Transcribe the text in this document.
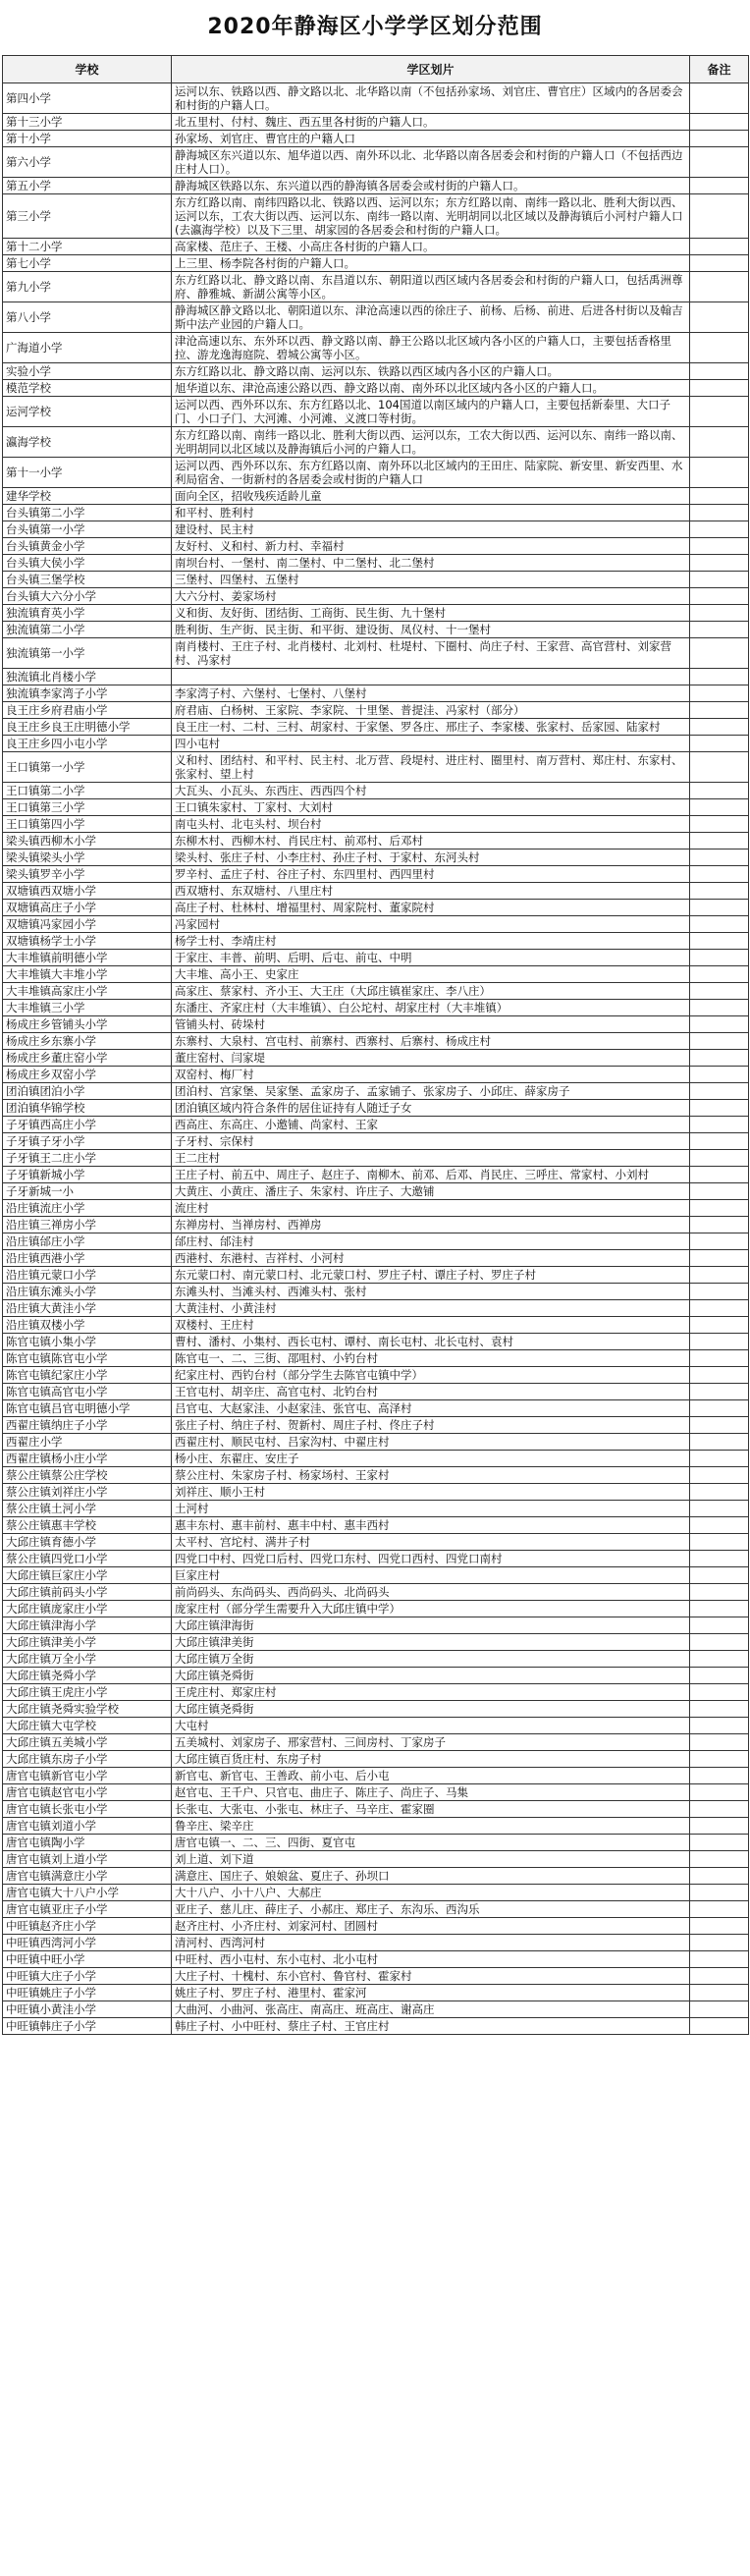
2020年静海区小学学区划分范围
学校	学区划片	备注
第四小学	运河以东、铁路以西、静文路以北、北华路以南（不包括孙家场、刘官庄、曹官庄）区域内的各居委会和村街的户籍人口。	
第十三小学	北五里村、付村、魏庄、西五里各村街的户籍人口。	
第十小学	孙家场、刘官庄、曹官庄的户籍人口	
第六小学	静海城区东兴道以东、旭华道以西、南外环以北、北华路以南各居委会和村街的户籍人口（不包括西边庄村人口）。	
第五小学	静海城区铁路以东、东兴道以西的静海镇各居委会或村街的户籍人口。	
第三小学	东方红路以南、南纬四路以北、铁路以西、运河以东；东方红路以南、南纬一路以北、胜利大街以西、运河以东，工农大街以西、运河以东、南纬一路以南、光明胡同以北区域以及静海镇后小河村户籍人口(去瀛海学校）以及下三里、胡家园的各居委会和村街的户籍人口。	
第十二小学	高家楼、范庄子、王楼、小高庄各村街的户籍人口。	
第七小学	上三里、杨李院各村街的户籍人口。	
第九小学	东方红路以北、静文路以南、东昌道以东、朝阳道以西区域内各居委会和村街的户籍人口，包括禹洲尊府、静雅城、新湖公寓等小区。	
第八小学	静海城区静文路以北、朝阳道以东、津沧高速以西的徐庄子、前杨、后杨、前进、后进各村街以及翰吉斯中法产业园的户籍人口。	
广海道小学	津沧高速以东、东外环以西、静文路以南、静王公路以北区域内各小区的户籍人口，主要包括香格里拉、游龙逸海庭院、碧城公寓等小区。	
实验小学	东方红路以北、静文路以南、运河以东、铁路以西区域内各小区的户籍人口。	
模范学校	旭华道以东、津沧高速公路以西、静文路以南、南外环以北区域内各小区的户籍人口。	
运河学校	运河以西、西外环以东、东方红路以北、104国道以南区域内的户籍人口，主要包括新泰里、大口子门、小口子门、大河滩、小河滩、义渡口等村街。	
瀛海学校	东方红路以南、南纬一路以北、胜利大街以西、运河以东，工农大街以西、运河以东、南纬一路以南、光明胡同以北区域以及静海镇后小河的户籍人口。	
第十一小学	运河以西、西外环以东、东方红路以南、南外环以北区域内的王田庄、陆家院、新安里、新安西里、水利局宿舍、一街新村的各居委会或村街的户籍人口	
建华学校	面向全区，招收残疾适龄儿童	
台头镇第二小学	和平村、胜利村	
台头镇第一小学	建设村、民主村	
台头镇黄金小学	友好村、义和村、新力村、幸福村	
台头镇大侯小学	南坝台村、一堡村、南二堡村、中二堡村、北二堡村	
台头镇三堡学校	三堡村、四堡村、五堡村	
台头镇大六分小学	大六分村、姜家场村	
独流镇育英小学	义和街、友好街、团结街、工商街、民生街、九十堡村	
独流镇第二小学	胜利街、生产街、民主街、和平街、建设街、凤仪村、十一堡村	
独流镇第一小学	南肖楼村、王庄子村、北肖楼村、北刘村、杜堤村、下圈村、尚庄子村、王家营、高官营村、刘家营村、冯家村	
独流镇北肖楼小学		
独流镇李家湾子小学	李家湾子村、六堡村、七堡村、八堡村	
良王庄乡府君庙小学	府君庙、白杨树、王家院、李家院、十里堡、普提洼、冯家村（部分）	
良王庄乡良王庄明德小学	良王庄一村、二村、三村、胡家村、于家堡、罗各庄、邢庄子、李家楼、张家村、岳家园、陆家村	
良王庄乡四小屯小学	四小屯村	
王口镇第一小学	义和村、团结村、和平村、民主村、北万营、段堤村、进庄村、圈里村、南万营村、郑庄村、东家村、张家村、望上村	
王口镇第二小学	大瓦头、小瓦头、东西庄、西西四个村	
王口镇第三小学	王口镇朱家村、丁家村、大刘村	
王口镇第四小学	南屯头村、北屯头村、坝台村	
梁头镇西柳木小学	东柳木村、西柳木村、肖民庄村、前邓村、后邓村	
梁头镇梁头小学	梁头村、张庄子村、小李庄村、孙庄子村、于家村、东河头村	
梁头镇罗辛小学	罗辛村、孟庄子村、谷庄子村、东四里村、西四里村	
双塘镇西双塘小学	西双塘村、东双塘村、八里庄村	
双塘镇高庄子小学	高庄子村、杜林村、增福里村、周家院村、董家院村	
双塘镇冯家园小学	冯家园村	
双塘镇杨学士小学	杨学士村、李靖庄村	
大丰堆镇前明德小学	于家庄、丰普、前明、后明、后屯、前屯、中明	
大丰堆镇大丰堆小学	大丰堆、高小王、史家庄	
大丰堆镇高家庄小学	高家庄、蔡家村、齐小王、大王庄（大邱庄镇崔家庄、李八庄）	
大丰堆镇三小学	东潘庄、齐家庄村（大丰堆镇）、白公坨村、胡家庄村（大丰堆镇）	
杨成庄乡管铺头小学	管铺头村、砖垛村	
杨成庄乡东寨小学	东寨村、大泉村、宫屯村、前寨村、西寨村、后寨村、杨成庄村	
杨成庄乡董庄窑小学	董庄窑村、闫家堤	
杨成庄乡双窑小学	双窑村、梅厂村	
团泊镇团泊小学	团泊村、宫家堡、吴家堡、孟家房子、孟家铺子、张家房子、小邱庄、薛家房子	
团泊镇华锦学校	团泊镇区域内符合条件的居住证持有人随迁子女	
子牙镇西高庄小学	西高庄、东高庄、小邀铺、尚家村、王家	
子牙镇子牙小学	子牙村、宗保村	
子牙镇王二庄小学	王二庄村	
子牙镇新城小学	王庄子村、前五中、周庄子、赵庄子、南柳木、前邓、后邓、肖民庄、三呼庄、常家村、小刘村	
子牙新城一小	大黄庄、小黄庄、潘庄子、朱家村、许庄子、大邀铺	
沿庄镇流庄小学	流庄村	
沿庄镇三禅房小学	东禅房村、当禅房村、西禅房	
沿庄镇邰庄小学	邰庄村、邰洼村	
沿庄镇西港小学	西港村、东港村、吉祥村、小河村	
沿庄镇元蒙口小学	东元蒙口村、南元蒙口村、北元蒙口村、罗庄子村、谭庄子村、罗庄子村	
沿庄镇东滩头小学	东滩头村、当滩头村、西滩头村、张村	
沿庄镇大黄洼小学	大黄洼村、小黄洼村	
沿庄镇双楼小学	双楼村、王庄村	
陈官屯镇小集小学	曹村、潘村、小集村、西长屯村、谭村、南长屯村、北长屯村、袁村	
陈官屯镇陈官屯小学	陈官屯一、二、三街、邵咀村、小钓台村	
陈官屯镇纪家庄小学	纪家庄村、西钓台村（部分学生去陈官屯镇中学）	
陈官屯镇高官屯小学	王官屯村、胡辛庄、高官屯村、北钓台村	
陈官屯镇吕官屯明德小学	吕官屯、大赵家洼、小赵家洼、张官屯、高泽村	
西翟庄镇纳庄子小学	张庄子村、纳庄子村、贺新村、周庄子村、佟庄子村	
西翟庄小学	西翟庄村、顺民屯村、吕家沟村、中翟庄村	
西翟庄镇杨小庄小学	杨小庄、东翟庄、安庄子	
蔡公庄镇蔡公庄学校	蔡公庄村、朱家房子村、杨家场村、王家村	
蔡公庄镇刘祥庄小学	刘祥庄、顺小王村	
蔡公庄镇土河小学	土河村	
蔡公庄镇惠丰学校	惠丰东村、惠丰前村、惠丰中村、惠丰西村	
大邱庄镇育德小学	太平村、宫坨村、满井子村	
蔡公庄镇四党口小学	四党口中村、四党口后村、四党口东村、四党口西村、四党口南村	
大邱庄镇巨家庄小学	巨家庄村	
大邱庄镇前码头小学	前尚码头、东尚码头、西尚码头、北尚码头	
大邱庄镇庞家庄小学	庞家庄村（部分学生需要升入大邱庄镇中学）	
大邱庄镇津海小学	大邱庄镇津海街	
大邱庄镇津美小学	大邱庄镇津美街	
大邱庄镇万全小学	大邱庄镇万全街	
大邱庄镇尧舜小学	大邱庄镇尧舜街	
大邱庄镇王虎庄小学	王虎庄村、郑家庄村	
大邱庄镇尧舜实验学校	大邱庄镇尧舜街	
大邱庄镇大屯学校	大屯村	
大邱庄镇五美城小学	五美城村、刘家房子、邢家营村、三间房村、丁家房子	
大邱庄镇东房子小学	大邱庄镇百货庄村、东房子村	
唐官屯镇新官屯小学	新官屯、新官屯、王善政、前小屯、后小屯	
唐官屯镇赵官屯小学	赵官屯、王千户、只官屯、曲庄子、陈庄子、尚庄子、马集	
唐官屯镇长张屯小学	长张屯、大张屯、小张屯、林庄子、马辛庄、霍家圈	
唐官屯镇刘道小学	鲁辛庄、梁辛庄	
唐官屯镇陶小学	唐官屯镇一、二、三、四街、夏官屯	
唐官屯镇刘上道小学	刘上道、刘下道	
唐官屯镇满意庄小学	满意庄、国庄子、娘娘盆、夏庄子、孙坝口	
唐官屯镇大十八户小学	大十八户、小十八户、大郝庄	
唐官屯镇亚庄子小学	亚庄子、慈儿庄、薛庄子、小郝庄、郑庄子、东沟乐、西沟乐	
中旺镇赵齐庄小学	赵齐庄村、小齐庄村、刘家河村、团圆村	
中旺镇西湾河小学	清河村、西湾河村	
中旺镇中旺小学	中旺村、西小屯村、东小屯村、北小屯村	
中旺镇大庄子小学	大庄子村、十槐村、东小官村、鲁官村、霍家村	
中旺镇姚庄子小学	姚庄子村、罗庄子村、港里村、霍家河	
中旺镇小黄洼小学	大曲河、小曲河、张高庄、南高庄、班高庄、谢高庄	
中旺镇韩庄子小学	韩庄子村、小中旺村、蔡庄子村、王官庄村	
